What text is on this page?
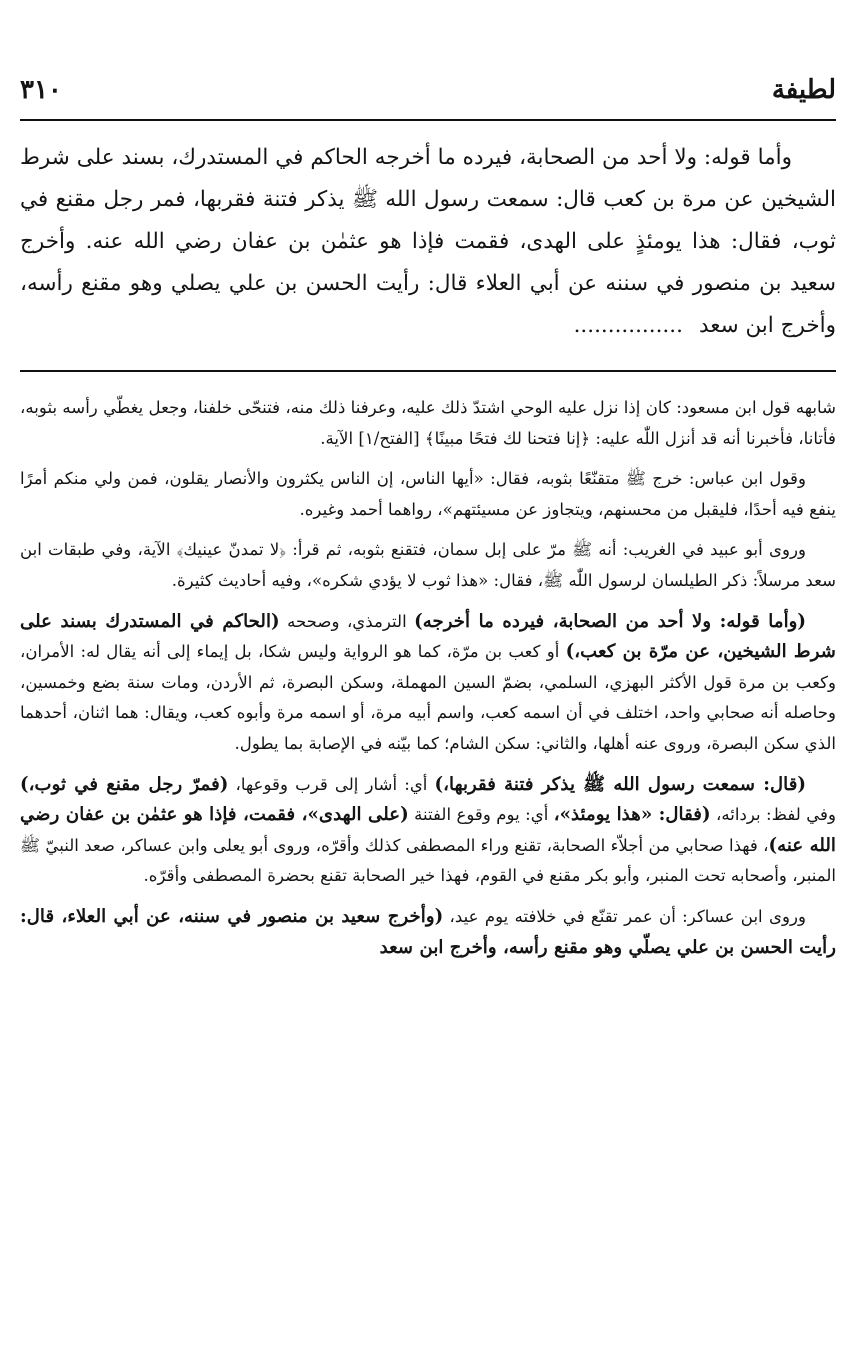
لطيفة
٣١٠

وأما قوله: ولا أحد من الصحابة، فيرده ما أخرجه الحاكم في المستدرك، بسند على شرط الشيخين عن مرة بن كعب قال: سمعت رسول الله ﷺ يذكر فتنة فقربها، فمر رجل مقنع في ثوب، فقال: هذا يومئذٍ على الهدى، فقمت فإذا هو عثمٰن بن عفان رضي الله عنه. وأخرج سعيد بن منصور في سننه عن أبي العلاء قال: رأيت الحسن بن علي يصلي وهو مقنع رأسه، وأخرج ابن سعد................

شابهه قول ابن مسعود: كان إذا نزل عليه الوحي اشتدّ ذلك عليه، وعرفنا ذلك منه، فتنحّى خلفنا، وجعل يغطّي رأسه بثوبه، فأتانا، فأخبرنا أنه قد أنزل اللّٰه عليه: ﴿إنا فتحنا لك فتحًا مبينًا﴾ [الفتح/١] الآية.

وقول ابن عباس: خرج ﷺ متقنّعًا بثوبه، فقال: «أيها الناس، إن الناس يكثرون والأنصار يقلون، فمن ولي منكم أمرًا ينفع فيه أحدًا، فليقبل من محسنهم، ويتجاوز عن مسيئتهم»، رواهما أحمد وغيره.

وروى أبو عبيد في الغريب: أنه ﷺ مرّ على إبل سمان، فتقنع بثوبه، ثم قرأ: ﴿لا تمدنّ عينيك﴾ الآية، وفي طبقات ابن سعد مرسلاً: ذكر الطيلسان لرسول اللّٰه ﷺ، فقال: «هذا ثوب لا يؤدي شكره»، وفيه أحاديث كثيرة.

(وأما قوله: ولا أحد من الصحابة، فيرده ما أخرجه) الترمذي، وصححه (الحاكم في المستدرك بسند على شرط الشيخين، عن مرّة بن كعب،) أو كعب بن مرّة، كما هو الرواية وليس شكا، بل إيماء إلى أنه يقال له: الأمران، وكعب بن مرة قول الأكثر البهزي، السلمي، بضمّ السين المهملة، وسكن البصرة، ثم الأردن، ومات سنة بضع وخمسين، وحاصله أنه صحابي واحد، اختلف في أن اسمه كعب، واسم أبيه مرة، أو اسمه مرة وأبوه كعب، ويقال: هما اثنان، أحدهما الذي سكن البصرة، وروى عنه أهلها، والثاني: سكن الشام؛ كما بيّنه في الإصابة بما يطول.

(قال: سمعت رسول الله ﷺ يذكر فتنة فقربها،) أي: أشار إلى قرب وقوعها، (فمرّ رجل مقنع في ثوب،) وفي لفظ: بردائه، (فقال: «هذا يومئذ»، أي: يوم وقوع الفتنة (على الهدى»، فقمت، فإذا هو عثمٰن بن عفان رضي الله عنه)، فهذا صحابي من أجلاّء الصحابة، تقنع وراء المصطفى كذلك وأقرّه، وروى أبو يعلى وابن عساكر، صعد النبيّ ﷺ المنبر، وأصحابه تحت المنبر، وأبو بكر مقنع في القوم، فهذا خير الصحابة تقنع بحضرة المصطفى وأقرّه.

وروى ابن عساكر: أن عمر تقنّع في خلافته يوم عيد، (وأخرج سعيد بن منصور في سننه، عن أبي العلاء، قال: رأيت الحسن بن علي يصلّي وهو مقنع رأسه، وأخرج ابن سعد
